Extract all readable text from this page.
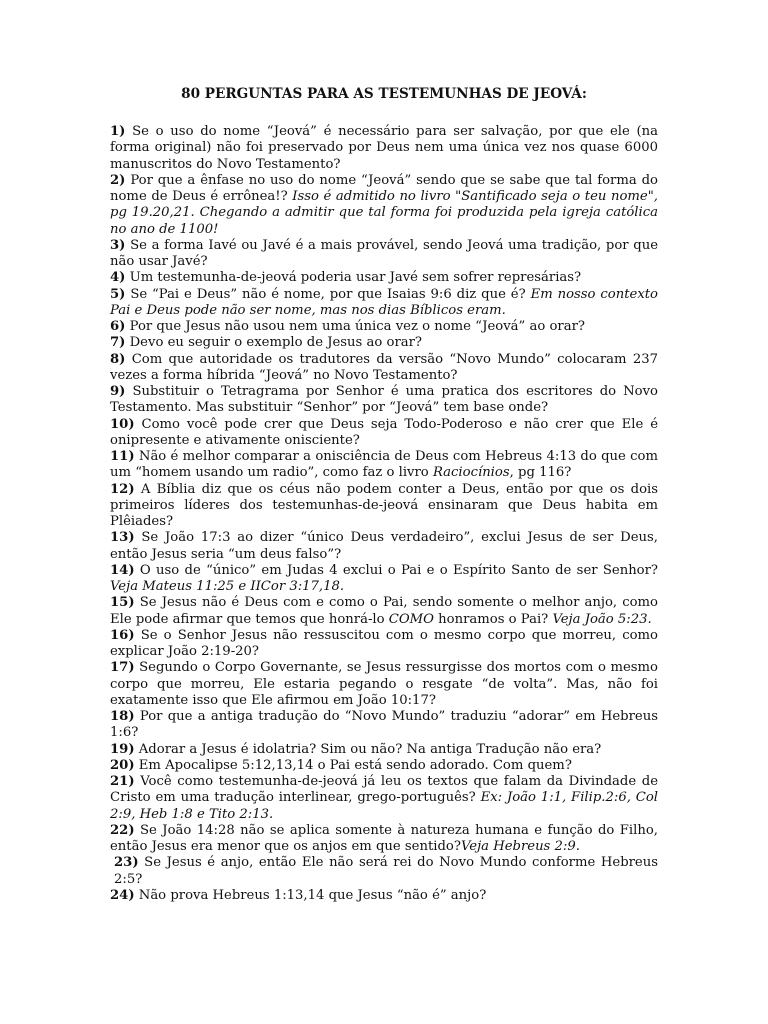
80 PERGUNTAS PARA AS TESTEMUNHAS DE JEOVÁ:

1) Se o uso do nome “Jeová” é necessário para ser salvação, por que ele (na forma original) não foi preservado por Deus nem uma única vez nos quase 6000 manuscritos do Novo Testamento?

2) Por que a ênfase no uso do nome “Jeová” sendo que se sabe que tal forma do nome de Deus é errônea!? Isso é admitido no livro "Santificado seja o teu nome", pg 19.20,21. Chegando a admitir que tal forma foi produzida pela igreja católica no ano de 1100!

3) Se a forma Iavé ou Javé é a mais provável, sendo Jeová uma tradição, por que não usar Javé?

4) Um testemunha-de-jeová poderia usar Javé sem sofrer represárias?

5) Se “Pai e Deus” não é nome, por que Isaias 9:6 diz que é? Em nosso contexto Pai e Deus pode não ser nome, mas nos dias Bíblicos eram.

6) Por que Jesus não usou nem uma única vez o nome “Jeová” ao orar?

7) Devo eu seguir o exemplo de Jesus ao orar?

8) Com que autoridade os tradutores da versão “Novo Mundo” colocaram 237 vezes a forma híbrida “Jeová” no Novo Testamento?

9) Substituir o Tetragrama por Senhor é uma pratica dos escritores do Novo Testamento. Mas substituir “Senhor” por “Jeová” tem base onde?

10) Como você pode crer que Deus seja Todo-Poderoso e não crer que Ele é onipresente e ativamente onisciente?

11) Não é melhor comparar a onisciência de Deus com Hebreus 4:13 do que com um “homem usando um radio”, como faz o livro Raciocínios, pg 116?

12) A Bíblia diz que os céus não podem conter a Deus, então por que os dois primeiros líderes dos testemunhas-de-jeová ensinaram que Deus habita em Plêiades?

13) Se João 17:3 ao dizer “único Deus verdadeiro”, exclui Jesus de ser Deus, então Jesus seria “um deus falso”?

14) O uso de “único” em Judas 4 exclui o Pai e o Espírito Santo de ser Senhor?Veja Mateus 11:25 e IICor 3:17,18.

15) Se Jesus não é Deus com e como o Pai, sendo somente o melhor anjo, como Ele pode afirmar que temos que honrá-lo COMO honramos o Pai? Veja João 5:23.

16) Se o Senhor Jesus não ressuscitou com o mesmo corpo que morreu, como explicar João 2:19-20?

17) Segundo o Corpo Governante, se Jesus ressurgisse dos mortos com o mesmo corpo que morreu, Ele estaria pegando o resgate “de volta”. Mas, não foi exatamente isso que Ele afirmou em João 10:17?

18) Por que a antiga tradução do “Novo Mundo” traduziu “adorar” em Hebreus 1:6?

19) Adorar a Jesus é idolatria? Sim ou não? Na antiga Tradução não era?

20) Em Apocalipse 5:12,13,14 o Pai está sendo adorado. Com quem?

21) Você como testemunha-de-jeová já leu os textos que falam da Divindade de Cristo em uma tradução interlinear, grego-português? Ex: João 1:1, Filip.2:6, Col 2:9, Heb 1:8 e Tito 2:13.

22) Se João 14:28 não se aplica somente à natureza humana e função do Filho, então Jesus era menor que os anjos em que sentido?Veja Hebreus 2:9.

23) Se Jesus é anjo, então Ele não será rei do Novo Mundo conforme Hebreus 2:5?

24) Não prova Hebreus 1:13,14 que Jesus “não é” anjo?
